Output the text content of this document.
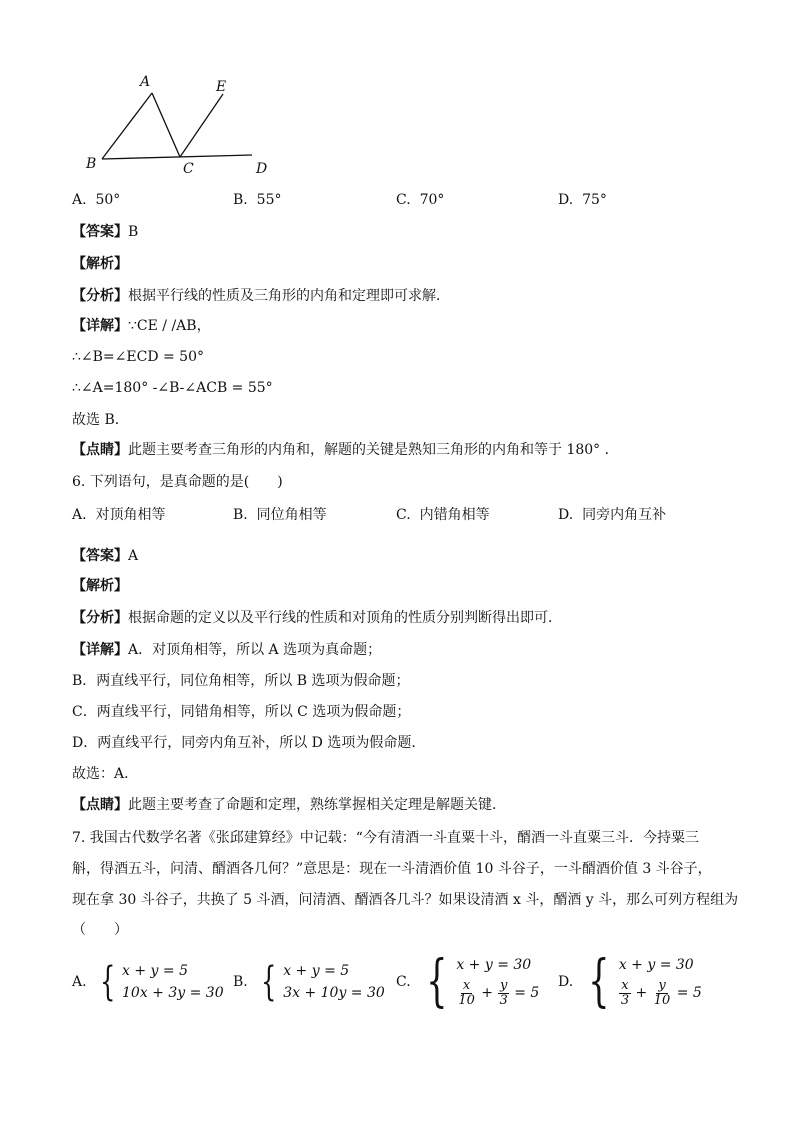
A	E
B	C	D
A. 50°	B. 55°	C. 70°	D. 75°
【答案】B
【解析】
【分析】根据平行线的性质及三角形的内角和定理即可求解．
【详解】∵CE / /AB，
∴∠B=∠ECD = 50°
∴∠A=180° -∠B-∠ACB = 55°
故选 B．
【点睛】此题主要考查三角形的内角和，解题的关键是熟知三角形的内角和等于 180° ．
6. 下列语句，是真命题的是(　　)
A. 对顶角相等	B. 同位角相等	C. 内错角相等	D. 同旁内角互补
【答案】A
【解析】
【分析】根据命题的定义以及平行线的性质和对顶角的性质分别判断得出即可．
【详解】A．对顶角相等，所以 A 选项为真命题；
B．两直线平行，同位角相等，所以 B 选项为假命题；
C．两直线平行，同错角相等，所以 C 选项为假命题；
D．两直线平行，同旁内角互补，所以 D 选项为假命题．
故选：A．
【点睛】此题主要考查了命题和定理，熟练掌握相关定理是解题关键．
7. 我国古代数学名著《张邱建算经》中记载：“今有清酒一斗直粟十斗，醑酒一斗直粟三斗．今持粟三
斛，得酒五斗，问清、醑酒各几何？”意思是：现在一斗清酒价值 10 斗谷子，一斗醑酒价值 3 斗谷子，
现在拿 30 斗谷子，共换了 5 斗酒，问清酒、醑酒各几斗？如果设清酒 x 斗，醑酒 y 斗，那么可列方程组为
（　　）
A. { x + y = 5
10x + 3y = 30
B. { x + y = 5
3x + 10y = 30
C. { x + y = 30
$\frac{x}{10} + \frac{y}{3} = 5$
D. { x + y = 30
$\frac{x}{3} + \frac{y}{10} = 5$
